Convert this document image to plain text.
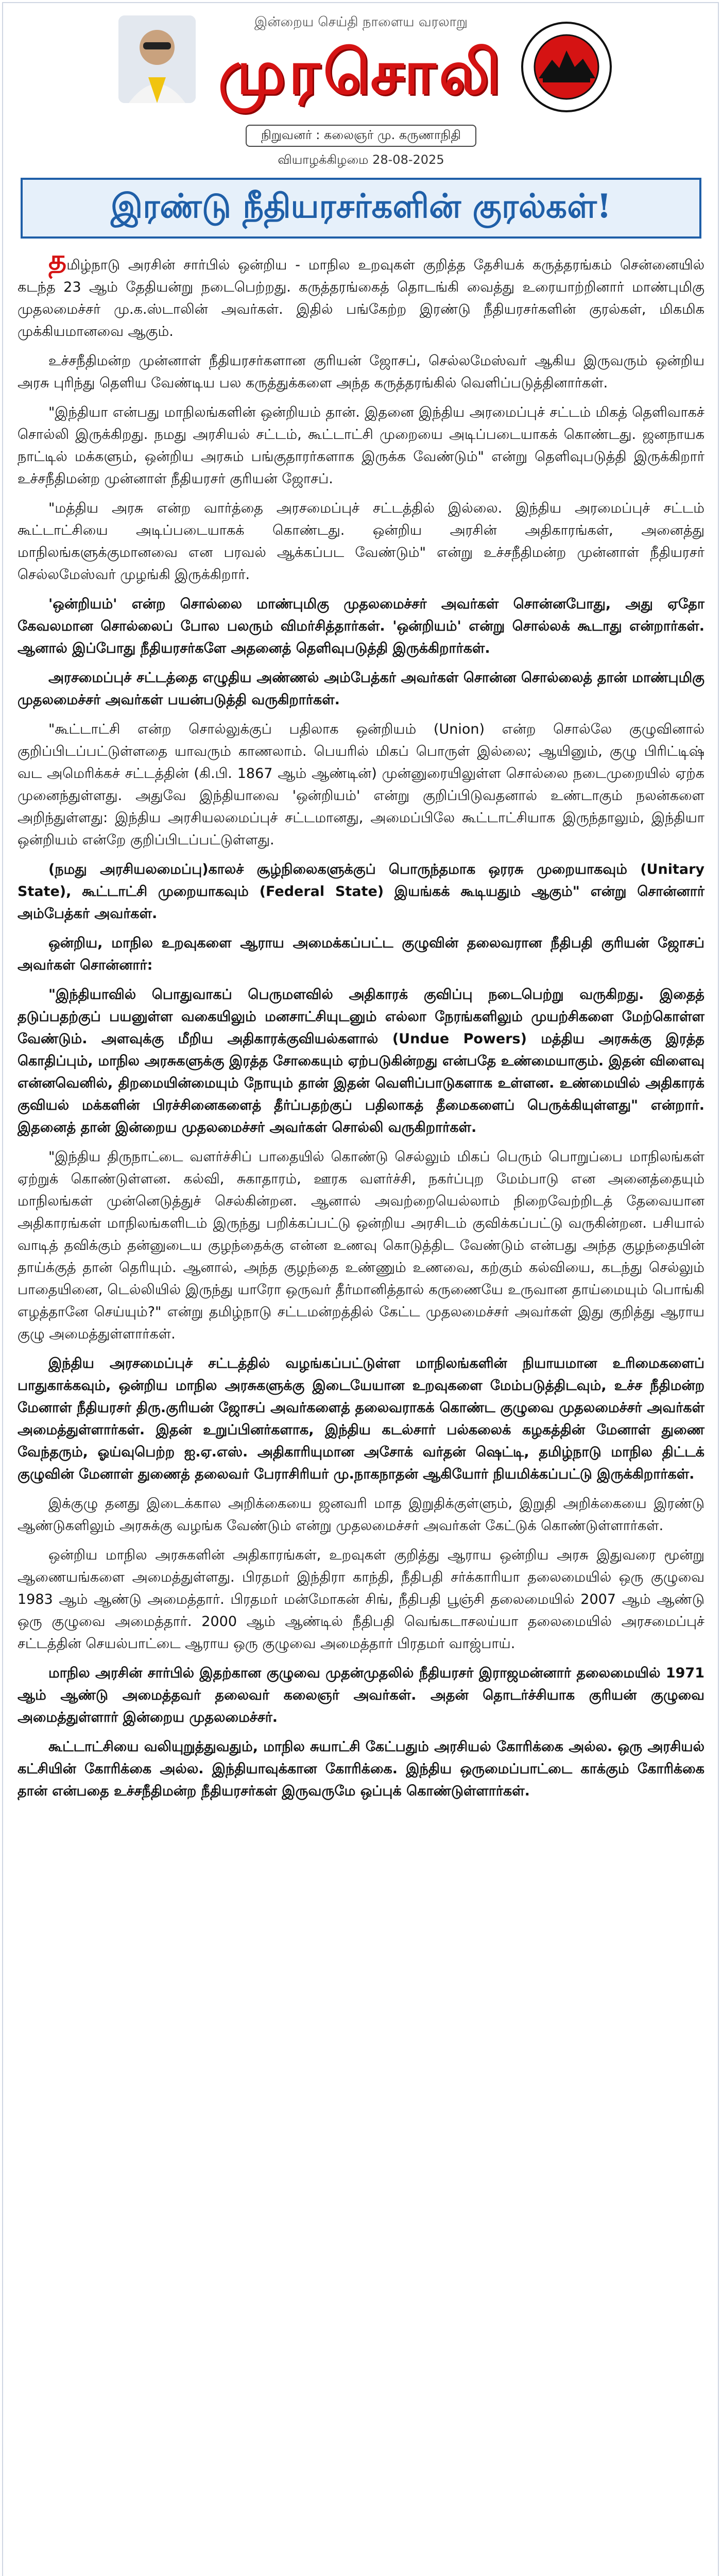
இன்றைய செய்தி நாளைய வரலாறு
முரசொலி
நிறுவனர் : கலைஞர் மு. கருணாநிதி
வியாழக்கிழமை 28-08-2025
இரண்டு நீதியரசர்களின் குரல்கள்!

தமிழ்நாடு அரசின் சார்பில் ஒன்றிய - மாநில உறவுகள் குறித்த தேசியக் கருத்தரங்கம் சென்னையில் கடந்த 23 ஆம் தேதியன்று நடைபெற்றது. கருத்தரங்கைத் தொடங்கி வைத்து உரையாற்றினார் மாண்புமிகு முதலமைச்சர் மு.க.ஸ்டாலின் அவர்கள். இதில் பங்கேற்ற இரண்டு நீதியரசர்களின் குரல்கள், மிகமிக முக்கியமானவை ஆகும்.

உச்சநீதிமன்ற முன்னாள் நீதியரசர்களான குரியன் ஜோசப், செல்லமேஸ்வர் ஆகிய இருவரும் ஒன்றிய அரசு புரிந்து தெளிய வேண்டிய பல கருத்துக்களை அந்த கருத்தரங்கில் வெளிப்படுத்தினார்கள்.

"இந்தியா என்பது மாநிலங்களின் ஒன்றியம் தான். இதனை இந்திய அரமைப்புச் சட்டம் மிகத் தெளிவாகச் சொல்லி இருக்கிறது. நமது அரசியல் சட்டம், கூட்டாட்சி முறையை அடிப்படையாகக் கொண்டது. ஜனநாயக நாட்டில் மக்களும், ஒன்றிய அரசும் பங்குதாரர்களாக இருக்க வேண்டும்" என்று தெளிவுபடுத்தி இருக்கிறார் உச்சநீதிமன்ற முன்னாள் நீதியரசர் குரியன் ஜோசப்.

"மத்திய அரசு என்ற வார்த்தை அரசமைப்புச் சட்டத்தில் இல்லை. இந்திய அரமைப்புச் சட்டம் கூட்டாட்சியை அடிப்படையாகக் கொண்டது. ஒன்றிய அரசின் அதிகாரங்கள், அனைத்து மாநிலங்களுக்குமானவை என பரவல் ஆக்கப்பட வேண்டும்" என்று உச்சநீதிமன்ற முன்னாள் நீதியரசர் செல்லமேஸ்வர் முழங்கி இருக்கிறார்.

'ஒன்றியம்' என்ற சொல்லை மாண்புமிகு முதலமைச்சர் அவர்கள் சொன்னபோது, அது ஏதோ கேவலமான சொல்லைப் போல பலரும் விமர்சித்தார்கள். 'ஒன்றியம்' என்று சொல்லக் கூடாது என்றார்கள். ஆனால் இப்போது நீதியரசர்களே அதனைத் தெளிவுபடுத்தி இருக்கிறார்கள்.

அரசமைப்புச் சட்டத்தை எழுதிய அண்ணல் அம்பேத்கர் அவர்கள் சொன்ன சொல்லைத் தான் மாண்புமிகு முதலமைச்சர் அவர்கள் பயன்படுத்தி வருகிறார்கள்.

"கூட்டாட்சி என்ற சொல்லுக்குப் பதிலாக ஒன்றியம் (Union) என்ற சொல்லே குழுவினால் குறிப்பிடப்பட்டுள்ளதை யாவரும் காணலாம். பெயரில் மிகப் பொருள் இல்லை; ஆயினும், குழு பிரிட்டிஷ் வட அமெரிக்கச் சட்டத்தின் (கி.பி. 1867 ஆம் ஆண்டின்) முன்னுரையிலுள்ள சொல்லை நடைமுறையில் ஏற்க முனைந்துள்ளது. அதுவே இந்தியாவை 'ஒன்றியம்' என்று குறிப்பிடுவதனால் உண்டாகும் நலன்களை அறிந்துள்ளது: இந்திய அரசியலமைப்புச் சட்டமானது, அமைப்பிலே கூட்டாட்சியாக இருந்தாலும், இந்தியா ஒன்றியம் என்றே குறிப்பிடப்பட்டுள்ளது.

(நமது அரசியலமைப்பு)காலச் சூழ்நிலைகளுக்குப் பொருந்தமாக ஒரரசு முறையாகவும் (Unitary State), கூட்டாட்சி முறையாகவும் (Federal State) இயங்கக் கூடியதும் ஆகும்" என்று சொன்னார் அம்பேத்கர் அவர்கள்.

ஒன்றிய, மாநில உறவுகளை ஆராய அமைக்கப்பட்ட குழுவின் தலைவரான நீதிபதி குரியன் ஜோசப் அவர்கள் சொன்னார்:

"இந்தியாவில் பொதுவாகப் பெருமளவில் அதிகாரக் குவிப்பு நடைபெற்று வருகிறது. இதைத் தடுப்பதற்குப் பயனுள்ள வகையிலும் மனசாட்சியுடனும் எல்லா நேரங்களிலும் முயற்சிகளை மேற்கொள்ள வேண்டும். அளவுக்கு மீறிய அதிகாரக்குவியல்களால் (Undue Powers) மத்திய அரசுக்கு இரத்த கொதிப்பும், மாநில அரசுகளுக்கு இரத்த சோகையும் ஏற்படுகின்றது என்பதே உண்மையாகும். இதன் விளைவு என்னவெனில், திறமையின்மையும் நோயும் தான் இதன் வெளிப்பாடுகளாக உள்ளன. உண்மையில் அதிகாரக் குவியல் மக்களின் பிரச்சினைகளைத் தீர்ப்பதற்குப் பதிலாகத் தீமைகளைப் பெருக்கியுள்ளது" என்றார். இதனைத் தான் இன்றைய முதலமைச்சர் அவர்கள் சொல்லி வருகிறார்கள்.

"இந்திய திருநாட்டை வளர்ச்சிப் பாதையில் கொண்டு செல்லும் மிகப் பெரும் பொறுப்பை மாநிலங்கள் ஏற்றுக் கொண்டுள்ளன. கல்வி, சுகாதாரம், ஊரக வளர்ச்சி, நகர்ப்புற மேம்பாடு என அனைத்தையும் மாநிலங்கள் முன்னெடுத்துச் செல்கின்றன. ஆனால் அவற்றையெல்லாம் நிறைவேற்றிடத் தேவையான அதிகாரங்கள் மாநிலங்களிடம் இருந்து பறிக்கப்பட்டு ஒன்றிய அரசிடம் குவிக்கப்பட்டு வருகின்றன. பசியால் வாடித் தவிக்கும் தன்னுடைய குழந்தைக்கு என்ன உணவு கொடுத்திட வேண்டும் என்பது அந்த குழந்தையின் தாய்க்குத் தான் தெரியும். ஆனால், அந்த குழந்தை உண்ணும் உணவை, கற்கும் கல்வியை, கடந்து செல்லும் பாதையினை, டெல்லியில் இருந்து யாரோ ஒருவர் தீர்மானித்தால் கருணையே உருவான தாய்மையும் பொங்கி எழத்தானே செய்யும்?" என்று தமிழ்நாடு சட்டமன்றத்தில் கேட்ட முதலமைச்சர் அவர்கள் இது குறித்து ஆராய குழு அமைத்துள்ளார்கள்.

இந்திய அரசமைப்புச் சட்டத்தில் வழங்கப்பட்டுள்ள மாநிலங்களின் நியாயமான உரிமைகளைப் பாதுகாக்கவும், ஒன்றிய மாநில அரசுகளுக்கு இடையேயான உறவுகளை மேம்படுத்திடவும், உச்ச நீதிமன்ற மேனாள் நீதியரசர் திரு.குரியன் ஜோசப் அவர்களைத் தலைவராகக் கொண்ட குழுவை முதலமைச்சர் அவர்கள் அமைத்துள்ளார்கள். இதன் உறுப்பினர்களாக, இந்திய கடல்சார் பல்கலைக் கழகத்தின் மேனாள் துணை வேந்தரும், ஓய்வுபெற்ற ஐ.ஏ.எஸ். அதிகாரியுமான அசோக் வர்தன் ஷெட்டி, தமிழ்நாடு மாநில திட்டக் குழுவின் மேனாள் துணைத் தலைவர் பேராசிரியர் மு.நாகநாதன் ஆகியோர் நியமிக்கப்பட்டு இருக்கிறார்கள்.

இக்குழு தனது இடைக்கால அறிக்கையை ஜனவரி மாத இறுதிக்குள்ளும், இறுதி அறிக்கையை இரண்டு ஆண்டுகளிலும் அரசுக்கு வழங்க வேண்டும் என்று முதலமைச்சர் அவர்கள் கேட்டுக் கொண்டுள்ளார்கள்.

ஒன்றிய மாநில அரசுகளின் அதிகாரங்கள், உறவுகள் குறித்து ஆராய ஒன்றிய அரசு இதுவரை மூன்று ஆணையங்களை அமைத்துள்ளது. பிரதமர் இந்திரா காந்தி, நீதிபதி சர்க்காரியா தலைமையில் ஒரு குழுவை 1983 ஆம் ஆண்டு அமைத்தார். பிரதமர் மன்மோகன் சிங், நீதிபதி பூஞ்சி தலைமையில் 2007 ஆம் ஆண்டு ஒரு குழுவை அமைத்தார். 2000 ஆம் ஆண்டில் நீதிபதி வெங்கடாசலய்யா தலைமையில் அரசமைப்புச் சட்டத்தின் செயல்பாட்டை ஆராய ஒரு குழுவை அமைத்தார் பிரதமர் வாஜ்பாய்.

மாநில அரசின் சார்பில் இதற்கான குழுவை முதன்முதலில் நீதியரசர் இராஜமன்னார் தலைமையில் 1971 ஆம் ஆண்டு அமைத்தவர் தலைவர் கலைஞர் அவர்கள். அதன் தொடர்ச்சியாக குரியன் குழுவை அமைத்துள்ளார் இன்றைய முதலமைச்சர்.

கூட்டாட்சியை வலியுறுத்துவதும், மாநில சுயாட்சி கேட்பதும் அரசியல் கோரிக்கை அல்ல. ஒரு அரசியல் கட்சியின் கோரிக்கை அல்ல. இந்தியாவுக்கான கோரிக்கை. இந்திய ஒருமைப்பாட்டை காக்கும் கோரிக்கை தான் என்பதை உச்சநீதிமன்ற நீதியரசர்கள் இருவருமே ஒப்புக் கொண்டுள்ளார்கள்.
